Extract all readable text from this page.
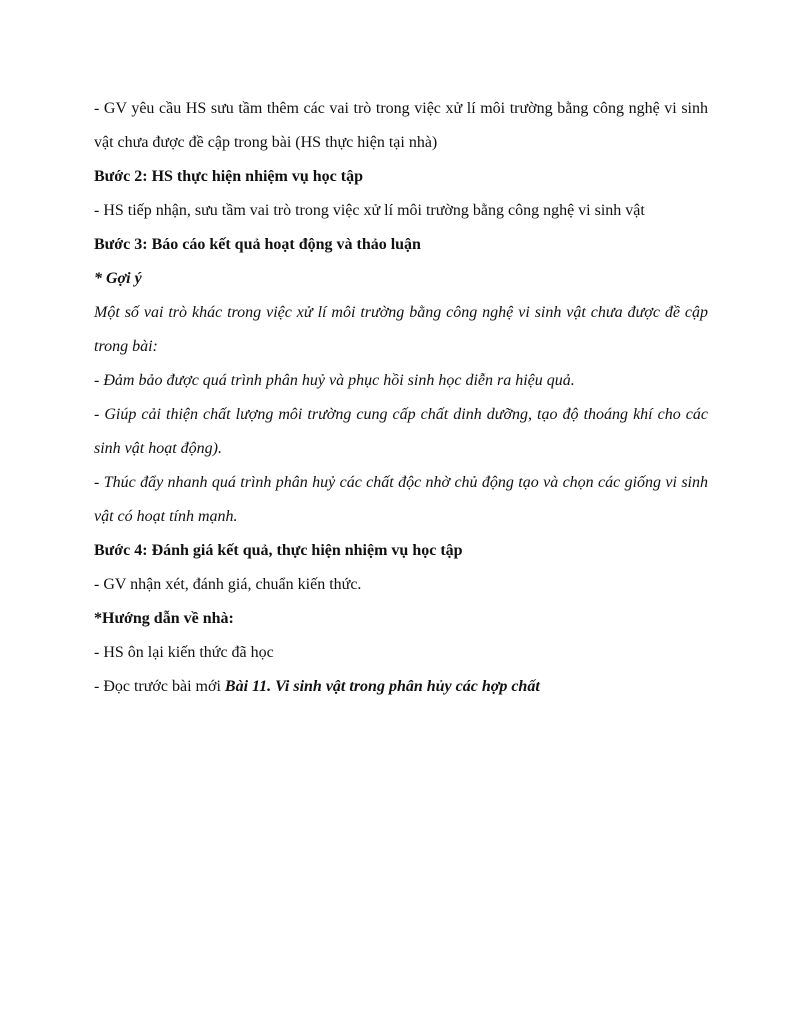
- GV yêu cầu HS sưu tầm thêm các vai trò trong việc xử lí môi trường bằng công nghệ vi sinh vật chưa được đề cập trong bài (HS thực hiện tại nhà)

Bước 2: HS thực hiện nhiệm vụ học tập

- HS tiếp nhận, sưu tầm vai trò trong việc xử lí môi trường bằng công nghệ vi sinh vật

Bước 3: Báo cáo kết quả hoạt động và thảo luận

* Gợi ý

Một số vai trò khác trong việc xử lí môi trường bằng công nghệ vi sinh vật chưa được đề cập trong bài:

- Đảm bảo được quá trình phân huỷ và phục hồi sinh học diễn ra hiệu quả.

- Giúp cải thiện chất lượng môi trường cung cấp chất dinh dưỡng, tạo độ thoáng khí cho các sinh vật hoạt động).

- Thúc đẩy nhanh quá trình phân huỷ các chất độc nhờ chủ động tạo và chọn các giống vi sinh vật có hoạt tính mạnh.

Bước 4: Đánh giá kết quả, thực hiện nhiệm vụ học tập

- GV nhận xét, đánh giá, chuẩn kiến thức.

*Hướng dẫn về nhà:

- HS ôn lại kiến thức đã học

- Đọc trước bài mới Bài 11. Vi sinh vật trong phân hủy các hợp chất
